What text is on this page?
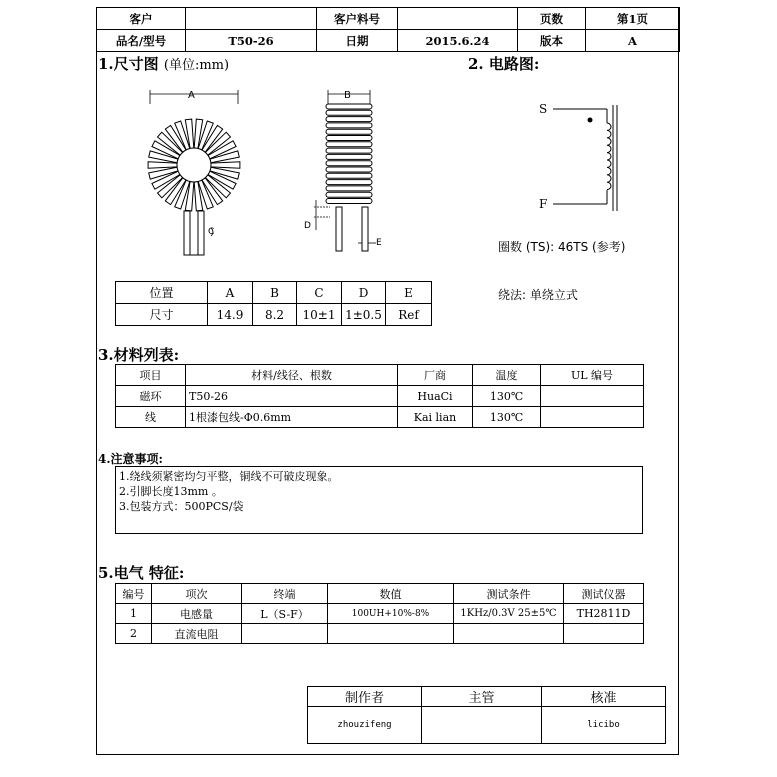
客户		客户料号		页数	第1页
品名/型号	T50-26	日期	2015.6.24	版本	A
1.尺寸图 (单位:mm)	2. 电路图:
A
C
B
D
E
S
F
圈数 (TS): 46TS (参考)
绕法: 单绕立式
位置	A	B	C	D	E
尺寸	14.9	8.2	10±1	1±0.5	Ref
3.材料列表:
项目	材料/线径、根数	厂商	温度	UL 编号
磁环	T50-26	HuaCi	130℃	
线	1根漆包线-Φ0.6mm	Kai lian	130℃	
4.注意事项:
1.绕线须紧密均匀平整，铜线不可破皮现象。
2.引脚长度13mm 。
3.包装方式：500PCS/袋
5.电气 特征:
编号	项次	终端	数值	测试条件	测试仪器
1	电感量	L（S-F）	100UH+10%-8%	1KHz/0.3V 25±5℃	TH2811D
2	直流电阻				
制作者	主管	核准
zhouzifeng		licibo
